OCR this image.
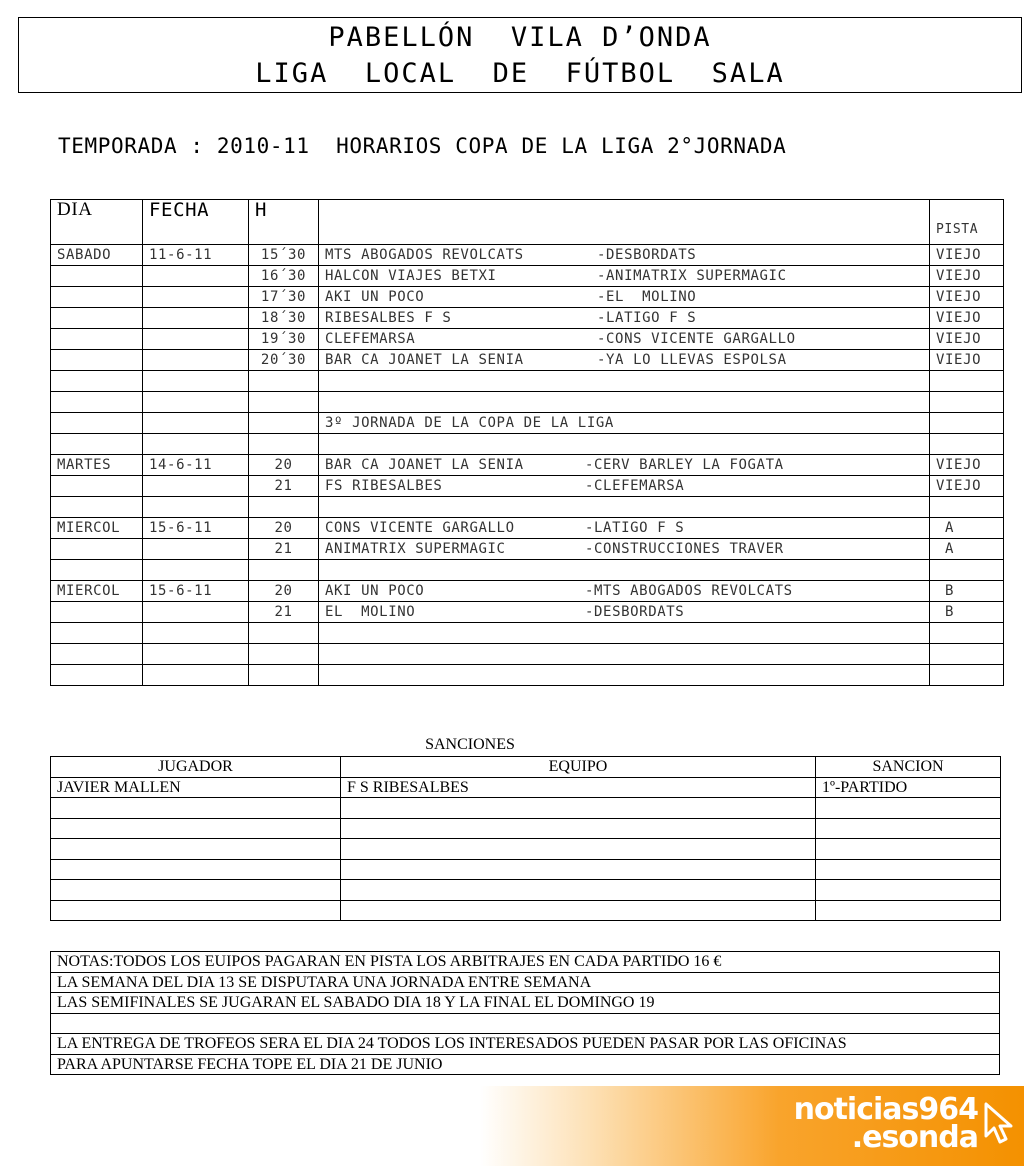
PABELLÓN  VILA D’ONDA
LIGA  LOCAL  DE  FÚTBOL  SALA
TEMPORADA : 2010-11  HORARIOS COPA DE LA LIGA 2°JORNADA
DIA	FECHA	H		PISTA
SABADO	11-6-11	15´30	MTS ABOGADOS REVOLCATS -DESBORDATS	VIEJO
		16´30	HALCON VIAJES BETXI -ANIMATRIX SUPERMAGIC	VIEJO
		17´30	AKI UN POCO -EL  MOLINO	VIEJO
		18´30	RIBESALBES F S -LATIGO F S	VIEJO
		19´30	CLEFEMARSA -CONS VICENTE GARGALLO	VIEJO
		20´30	BAR CA JOANET LA SENIA -YA LO LLEVAS ESPOLSA	VIEJO

			3º JORNADA DE LA COPA DE LA LIGA	

MARTES	14-6-11	20	BAR CA JOANET LA SENIA -CERV BARLEY LA FOGATA	VIEJO
		21	FS RIBESALBES -CLEFEMARSA	VIEJO

MIERCOL	15-6-11	20	CONS VICENTE GARGALLO -LATIGO F S	A
		21	ANIMATRIX SUPERMAGIC -CONSTRUCCIONES TRAVER	A

MIERCOL	15-6-11	20	AKI UN POCO -MTS ABOGADOS REVOLCATS	B
		21	EL  MOLINO -DESBORDATS	B

SANCIONES
JUGADOR	EQUIPO	SANCION
JAVIER MALLEN	F S RIBESALBES	1º-PARTIDO

NOTAS:TODOS LOS EUIPOS PAGARAN EN PISTA LOS ARBITRAJES EN CADA PARTIDO 16 €
LA SEMANA DEL DIA 13 SE DISPUTARA UNA JORNADA ENTRE SEMANA
LAS SEMIFINALES SE JUGARAN EL SABADO DIA 18 Y LA FINAL EL DOMINGO 19

LA ENTREGA DE TROFEOS SERA EL DIA 24 TODOS LOS INTERESADOS PUEDEN PASAR POR LAS OFICINAS
PARA APUNTARSE FECHA TOPE EL DIA 21 DE JUNIO
noticias964
.esonda
